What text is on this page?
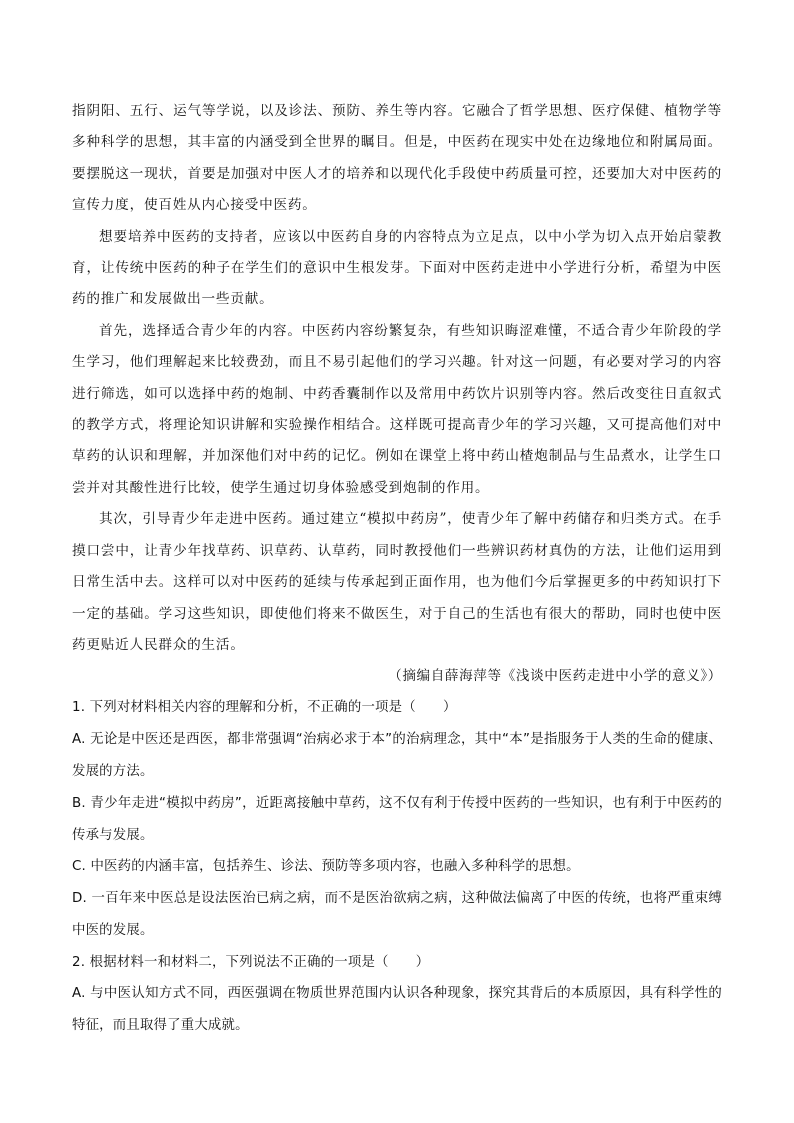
指阴阳、五行、运气等学说，以及诊法、预防、养生等内容。它融合了哲学思想、医疗保健、植物学等多种科学的思想，其丰富的内涵受到全世界的瞩目。但是，中医药在现实中处在边缘地位和附属局面。要摆脱这一现状，首要是加强对中医人才的培养和以现代化手段使中药质量可控，还要加大对中医药的宣传力度，使百姓从内心接受中医药。

想要培养中医药的支持者，应该以中医药自身的内容特点为立足点，以中小学为切入点开始启蒙教育，让传统中医药的种子在学生们的意识中生根发芽。下面对中医药走进中小学进行分析，希望为中医药的推广和发展做出一些贡献。

首先，选择适合青少年的内容。中医药内容纷繁复杂，有些知识晦涩难懂，不适合青少年阶段的学生学习，他们理解起来比较费劲，而且不易引起他们的学习兴趣。针对这一问题，有必要对学习的内容进行筛选，如可以选择中药的炮制、中药香囊制作以及常用中药饮片识别等内容。然后改变往日直叙式的教学方式，将理论知识讲解和实验操作相结合。这样既可提高青少年的学习兴趣，又可提高他们对中草药的认识和理解，并加深他们对中药的记忆。例如在课堂上将中药山楂炮制品与生品煮水，让学生口尝并对其酸性进行比较，使学生通过切身体验感受到炮制的作用。

其次，引导青少年走进中医药。通过建立“模拟中药房”，使青少年了解中药储存和归类方式。在手摸口尝中，让青少年找草药、识草药、认草药，同时教授他们一些辨识药材真伪的方法，让他们运用到日常生活中去。这样可以对中医药的延续与传承起到正面作用，也为他们今后掌握更多的中药知识打下一定的基础。学习这些知识，即使他们将来不做医生，对于自己的生活也有很大的帮助，同时也使中医药更贴近人民群众的生活。

（摘编自薛海萍等《浅谈中医药走进中小学的意义》）

1. 下列对材料相关内容的理解和分析，不正确的一项是（　　）

A. 无论是中医还是西医，都非常强调“治病必求于本”的治病理念，其中“本”是指服务于人类的生命的健康、发展的方法。

B. 青少年走进“模拟中药房”，近距离接触中草药，这不仅有利于传授中医药的一些知识，也有利于中医药的传承与发展。

C. 中医药的内涵丰富，包括养生、诊法、预防等多项内容，也融入多种科学的思想。

D. 一百年来中医总是设法医治已病之病，而不是医治欲病之病，这种做法偏离了中医的传统，也将严重束缚中医的发展。

2. 根据材料一和材料二，下列说法不正确的一项是（　　）

A. 与中医认知方式不同，西医强调在物质世界范围内认识各种现象，探究其背后的本质原因，具有科学性的特征，而且取得了重大成就。
